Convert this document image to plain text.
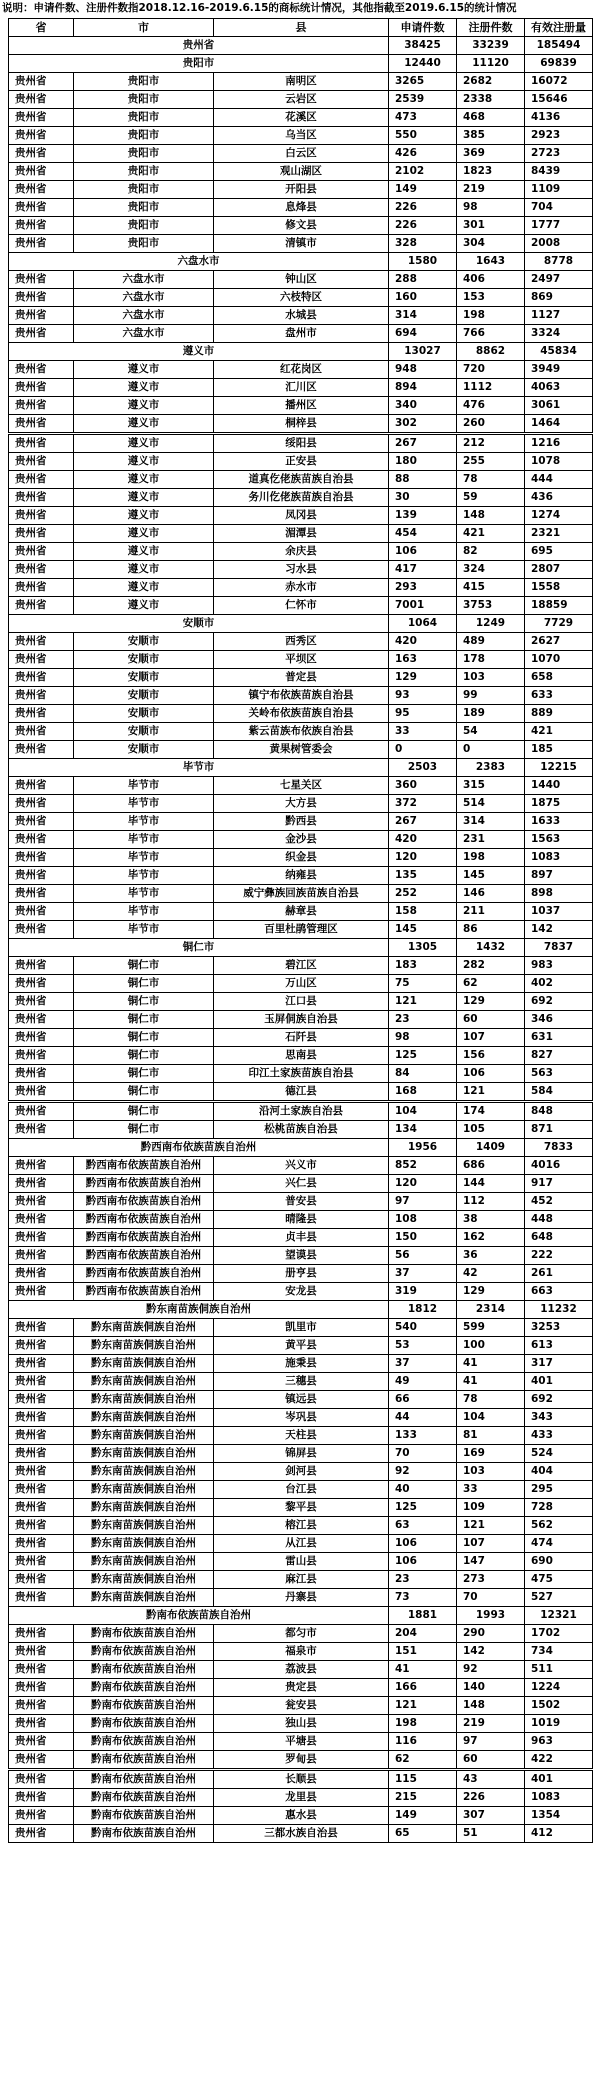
说明：申请件数、注册件数指2018.12.16-2019.6.15的商标统计情况，其他指截至2019.6.15的统计情况
省	市	县	申请件数	注册件数	有效注册量
贵州省			38425	33239	185494
贵阳市			12440	11120	69839
贵州省	贵阳市	南明区	3265	2682	16072
贵州省	贵阳市	云岩区	2539	2338	15646
贵州省	贵阳市	花溪区	473	468	4136
贵州省	贵阳市	乌当区	550	385	2923
贵州省	贵阳市	白云区	426	369	2723
贵州省	贵阳市	观山湖区	2102	1823	8439
贵州省	贵阳市	开阳县	149	219	1109
贵州省	贵阳市	息烽县	226	98	704
贵州省	贵阳市	修文县	226	301	1777
贵州省	贵阳市	清镇市	328	304	2008
六盘水市			1580	1643	8778
贵州省	六盘水市	钟山区	288	406	2497
贵州省	六盘水市	六枝特区	160	153	869
贵州省	六盘水市	水城县	314	198	1127
贵州省	六盘水市	盘州市	694	766	3324
遵义市			13027	8862	45834
贵州省	遵义市	红花岗区	948	720	3949
贵州省	遵义市	汇川区	894	1112	4063
贵州省	遵义市	播州区	340	476	3061
贵州省	遵义市	桐梓县	302	260	1464

贵州省	遵义市	绥阳县	267	212	1216
贵州省	遵义市	正安县	180	255	1078
贵州省	遵义市	道真仡佬族苗族自治县	88	78	444
贵州省	遵义市	务川仡佬族苗族自治县	30	59	436
贵州省	遵义市	凤冈县	139	148	1274
贵州省	遵义市	湄潭县	454	421	2321
贵州省	遵义市	余庆县	106	82	695
贵州省	遵义市	习水县	417	324	2807
贵州省	遵义市	赤水市	293	415	1558
贵州省	遵义市	仁怀市	7001	3753	18859
安顺市			1064	1249	7729
贵州省	安顺市	西秀区	420	489	2627
贵州省	安顺市	平坝区	163	178	1070
贵州省	安顺市	普定县	129	103	658
贵州省	安顺市	镇宁布依族苗族自治县	93	99	633
贵州省	安顺市	关岭布依族苗族自治县	95	189	889
贵州省	安顺市	紫云苗族布依族自治县	33	54	421
贵州省	安顺市	黄果树管委会	0	0	185
毕节市			2503	2383	12215
贵州省	毕节市	七星关区	360	315	1440
贵州省	毕节市	大方县	372	514	1875
贵州省	毕节市	黔西县	267	314	1633
贵州省	毕节市	金沙县	420	231	1563
贵州省	毕节市	织金县	120	198	1083
贵州省	毕节市	纳雍县	135	145	897
贵州省	毕节市	威宁彝族回族苗族自治县	252	146	898
贵州省	毕节市	赫章县	158	211	1037
贵州省	毕节市	百里杜鹃管理区	145	86	142
铜仁市			1305	1432	7837
贵州省	铜仁市	碧江区	183	282	983
贵州省	铜仁市	万山区	75	62	402
贵州省	铜仁市	江口县	121	129	692
贵州省	铜仁市	玉屏侗族自治县	23	60	346
贵州省	铜仁市	石阡县	98	107	631
贵州省	铜仁市	思南县	125	156	827
贵州省	铜仁市	印江土家族苗族自治县	84	106	563
贵州省	铜仁市	德江县	168	121	584

贵州省	铜仁市	沿河土家族自治县	104	174	848
贵州省	铜仁市	松桃苗族自治县	134	105	871
黔西南布依族苗族自治州			1956	1409	7833
贵州省	黔西南布依族苗族自治州	兴义市	852	686	4016
贵州省	黔西南布依族苗族自治州	兴仁县	120	144	917
贵州省	黔西南布依族苗族自治州	普安县	97	112	452
贵州省	黔西南布依族苗族自治州	晴隆县	108	38	448
贵州省	黔西南布依族苗族自治州	贞丰县	150	162	648
贵州省	黔西南布依族苗族自治州	望谟县	56	36	222
贵州省	黔西南布依族苗族自治州	册亨县	37	42	261
贵州省	黔西南布依族苗族自治州	安龙县	319	129	663
黔东南苗族侗族自治州			1812	2314	11232
贵州省	黔东南苗族侗族自治州	凯里市	540	599	3253
贵州省	黔东南苗族侗族自治州	黄平县	53	100	613
贵州省	黔东南苗族侗族自治州	施秉县	37	41	317
贵州省	黔东南苗族侗族自治州	三穗县	49	41	401
贵州省	黔东南苗族侗族自治州	镇远县	66	78	692
贵州省	黔东南苗族侗族自治州	岑巩县	44	104	343
贵州省	黔东南苗族侗族自治州	天柱县	133	81	433
贵州省	黔东南苗族侗族自治州	锦屏县	70	169	524
贵州省	黔东南苗族侗族自治州	剑河县	92	103	404
贵州省	黔东南苗族侗族自治州	台江县	40	33	295
贵州省	黔东南苗族侗族自治州	黎平县	125	109	728
贵州省	黔东南苗族侗族自治州	榕江县	63	121	562
贵州省	黔东南苗族侗族自治州	从江县	106	107	474
贵州省	黔东南苗族侗族自治州	雷山县	106	147	690
贵州省	黔东南苗族侗族自治州	麻江县	23	273	475
贵州省	黔东南苗族侗族自治州	丹寨县	73	70	527
黔南布依族苗族自治州			1881	1993	12321
贵州省	黔南布依族苗族自治州	都匀市	204	290	1702
贵州省	黔南布依族苗族自治州	福泉市	151	142	734
贵州省	黔南布依族苗族自治州	荔波县	41	92	511
贵州省	黔南布依族苗族自治州	贵定县	166	140	1224
贵州省	黔南布依族苗族自治州	瓮安县	121	148	1502
贵州省	黔南布依族苗族自治州	独山县	198	219	1019
贵州省	黔南布依族苗族自治州	平塘县	116	97	963
贵州省	黔南布依族苗族自治州	罗甸县	62	60	422

贵州省	黔南布依族苗族自治州	长顺县	115	43	401
贵州省	黔南布依族苗族自治州	龙里县	215	226	1083
贵州省	黔南布依族苗族自治州	惠水县	149	307	1354
贵州省	黔南布依族苗族自治州	三都水族自治县	65	51	412
